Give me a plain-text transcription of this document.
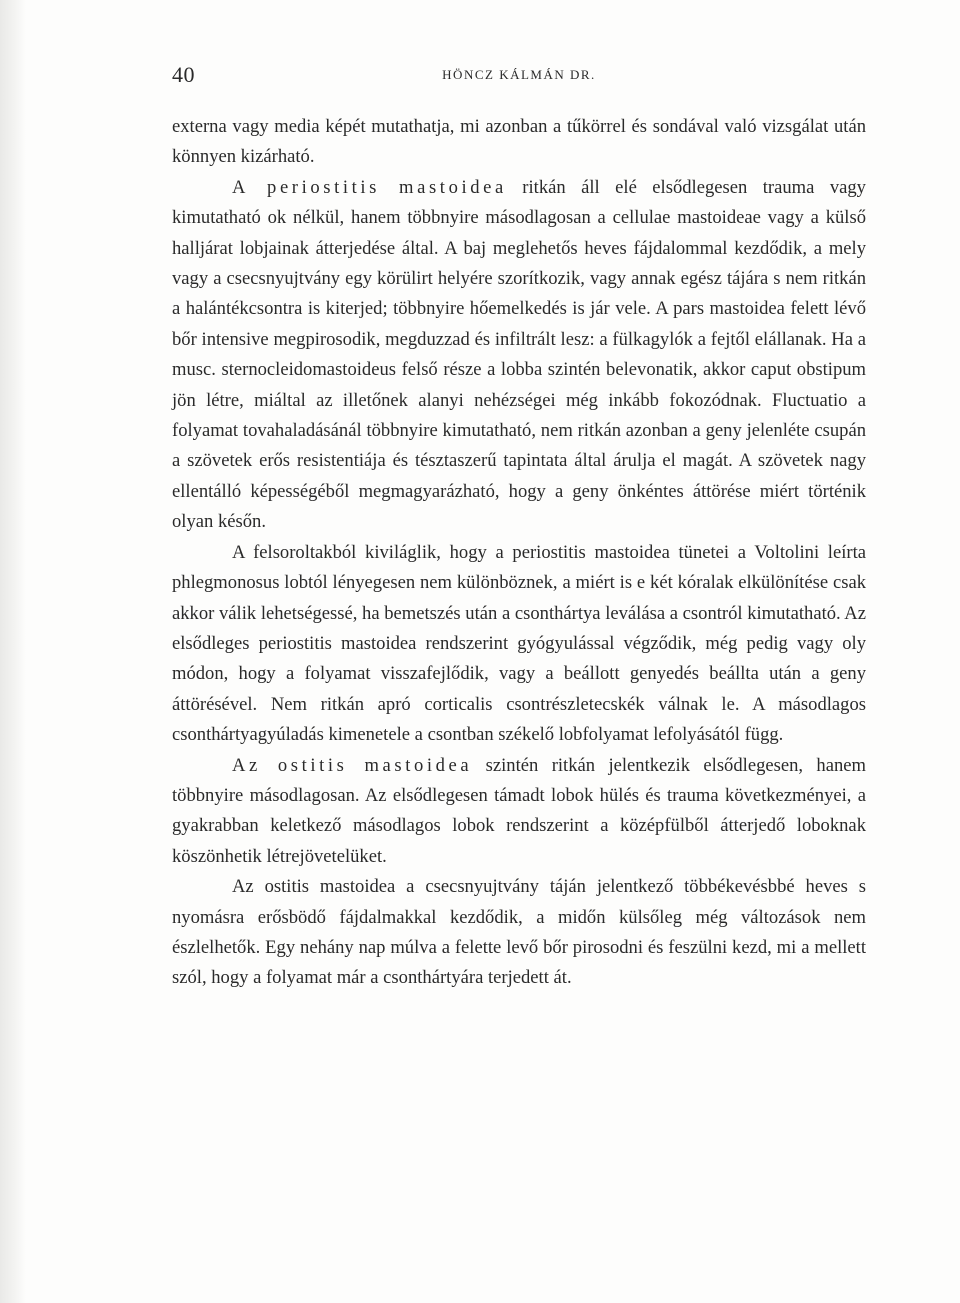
40	HÖNCZ KÁLMÁN DR.

externa vagy media képét mutathatja, mi azonban a tűkörrel és sondával való vizsgálat után könnyen kizárható.

A periostitis mastoidea ritkán áll elé elsődlegesen trauma vagy kimutatható ok nélkül, hanem többnyire másodlagosan a cellulae mastoideae vagy a külső halljárat lobjainak átterjedése által. A baj meglehetős heves fájdalommal kezdődik, a mely vagy a csecsnyujtvány egy körülirt helyére szorítkozik, vagy annak egész tájára s nem ritkán a halántékcsontra is kiterjed; többnyire hőemelkedés is jár vele. A pars mastoidea felett lévő bőr intensive megpirosodik, megduzzad és infiltrált lesz: a fülkagylók a fejtől elállanak. Ha a musc. sternocleidomastoideus felső része a lobba szintén belevonatik, akkor caput obstipum jön létre, miáltal az illetőnek alanyi nehézségei még inkább fokozódnak. Fluctuatio a folyamat tovahaladásánál többnyire kimutatható, nem ritkán azonban a geny jelenléte csupán a szövetek erős resistentiája és tésztaszerű tapintata által árulja el magát. A szövetek nagy ellentálló képességéből megmagyarázható, hogy a geny önkéntes áttörése miért történik olyan későn.

A felsoroltakból kiviláglik, hogy a periostitis mastoidea tünetei a Voltolini leírta phlegmonosus lobtól lényegesen nem különböznek, a miért is e két kóralak elkülönítése csak akkor válik lehetségessé, ha bemetszés után a csonthártya leválása a csontról kimutatható. Az elsődleges periostitis mastoidea rendszerint gyógyulással végződik, még pedig vagy oly módon, hogy a folyamat visszafejlődik, vagy a beállott genyedés beállta után a geny áttörésével. Nem ritkán apró corticalis csontrészletecskék válnak le. A másodlagos csonthártyagyúladás kimenetele a csontban székelő lobfolyamat lefolyásától függ.

Az ostitis mastoidea szintén ritkán jelentkezik elsődlegesen, hanem többnyire másodlagosan. Az elsődlegesen támadt lobok hülés és trauma következményei, a gyakrabban keletkező másodlagos lobok rendszerint a középfülből átterjedő loboknak köszönhetik létrejövetelüket.

Az ostitis mastoidea a csecsnyujtvány táján jelentkező többékevésbbé heves s nyomásra erősbödő fájdalmakkal kezdődik, a midőn külsőleg még változások nem észlelhetők. Egy nehány nap múlva a felette levő bőr pirosodni és feszülni kezd, mi a mellett szól, hogy a folyamat már a csonthártyára terjedett át.
